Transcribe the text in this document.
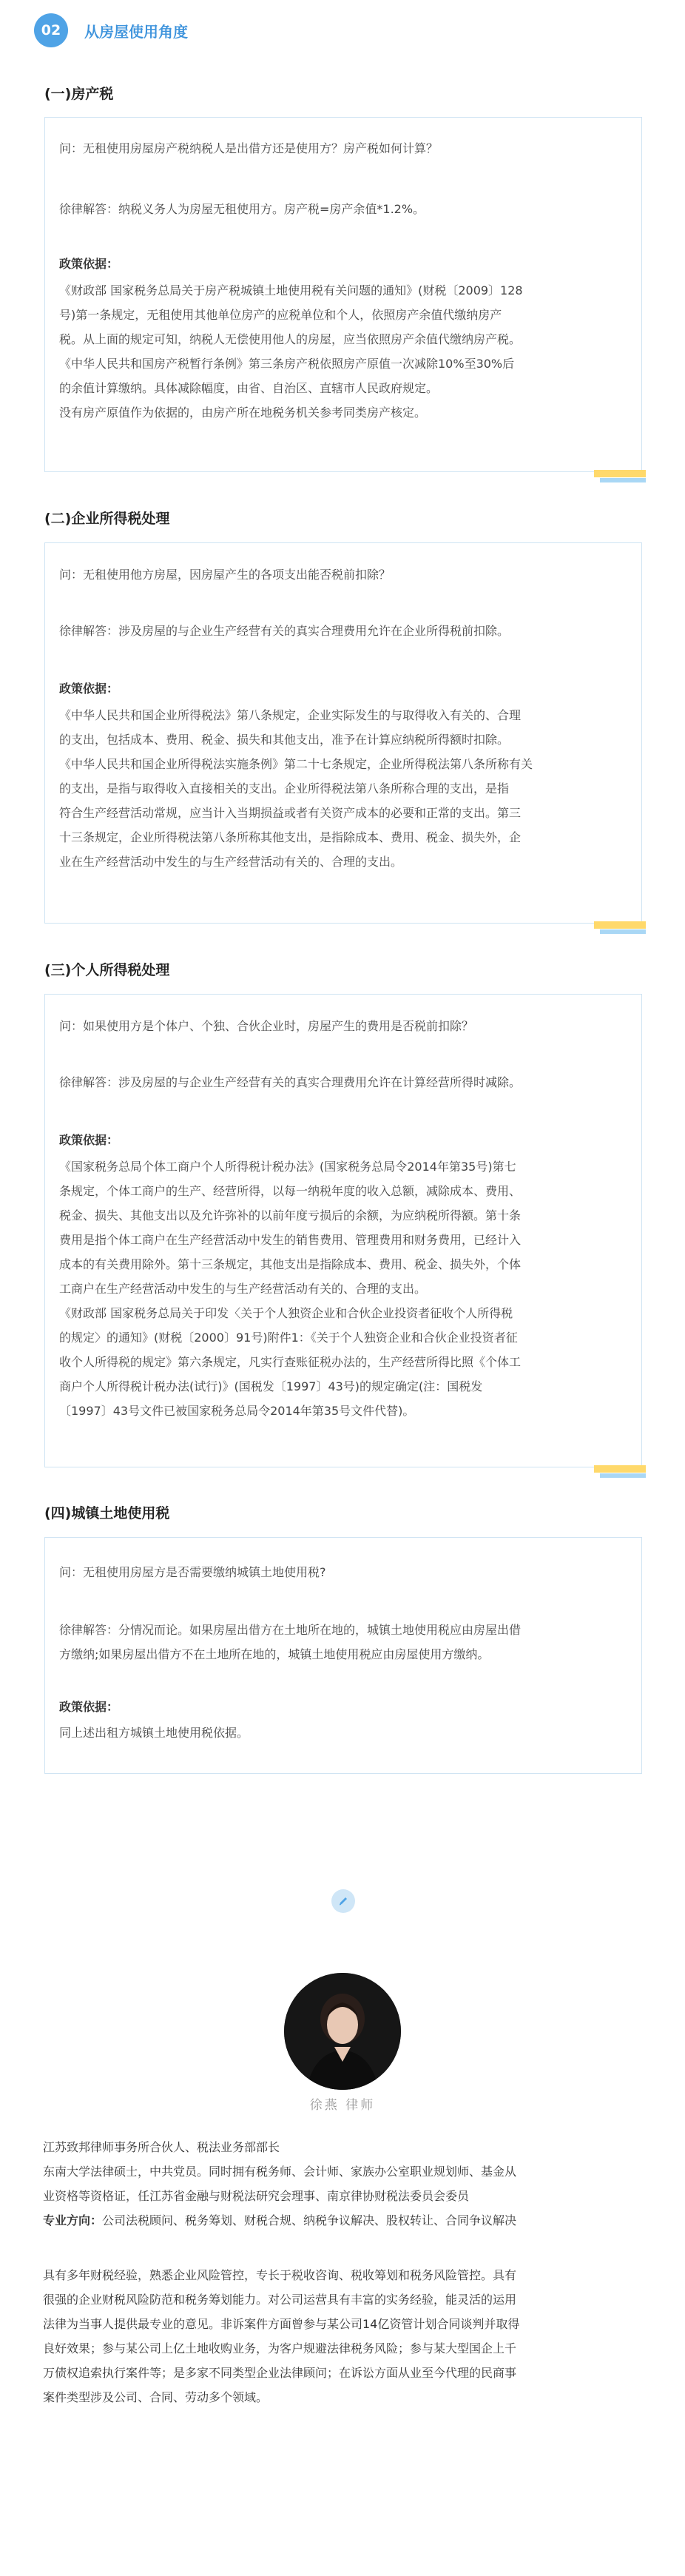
02	从房屋使用角度
(一)房产税
问：无租使用房屋房产税纳税人是出借方还是使用方？房产税如何计算？
徐律解答：纳税义务人为房屋无租使用方。房产税=房产余值*1.2%。
政策依据：
《财政部 国家税务总局关于房产税城镇土地使用税有关问题的通知》(财税〔2009〕128
号)第一条规定，无租使用其他单位房产的应税单位和个人，依照房产余值代缴纳房产
税。从上面的规定可知，纳税人无偿使用他人的房屋，应当依照房产余值代缴纳房产税。
《中华人民共和国房产税暂行条例》第三条房产税依照房产原值一次减除10%至30%后
的余值计算缴纳。具体减除幅度，由省、自治区、直辖市人民政府规定。
没有房产原值作为依据的，由房产所在地税务机关参考同类房产核定。
(二)企业所得税处理
问：无租使用他方房屋，因房屋产生的各项支出能否税前扣除？
徐律解答：涉及房屋的与企业生产经营有关的真实合理费用允许在企业所得税前扣除。
政策依据：
《中华人民共和国企业所得税法》第八条规定，企业实际发生的与取得收入有关的、合理
的支出，包括成本、费用、税金、损失和其他支出，准予在计算应纳税所得额时扣除。
《中华人民共和国企业所得税法实施条例》第二十七条规定，企业所得税法第八条所称有关
的支出，是指与取得收入直接相关的支出。企业所得税法第八条所称合理的支出，是指
符合生产经营活动常规，应当计入当期损益或者有关资产成本的必要和正常的支出。第三
十三条规定，企业所得税法第八条所称其他支出，是指除成本、费用、税金、损失外，企
业在生产经营活动中发生的与生产经营活动有关的、合理的支出。
(三)个人所得税处理
问：如果使用方是个体户、个独、合伙企业时，房屋产生的费用是否税前扣除？
徐律解答：涉及房屋的与企业生产经营有关的真实合理费用允许在计算经营所得时减除。
政策依据：
《国家税务总局个体工商户个人所得税计税办法》(国家税务总局令2014年第35号)第七
条规定，个体工商户的生产、经营所得，以每一纳税年度的收入总额，减除成本、费用、
税金、损失、其他支出以及允许弥补的以前年度亏损后的余额，为应纳税所得额。第十条
费用是指个体工商户在生产经营活动中发生的销售费用、管理费用和财务费用，已经计入
成本的有关费用除外。第十三条规定，其他支出是指除成本、费用、税金、损失外，个体
工商户在生产经营活动中发生的与生产经营活动有关的、合理的支出。
《财政部 国家税务总局关于印发〈关于个人独资企业和合伙企业投资者征收个人所得税
的规定〉的通知》(财税〔2000〕91号)附件1：《关于个人独资企业和合伙企业投资者征
收个人所得税的规定》第六条规定，凡实行查账征税办法的，生产经营所得比照《个体工
商户个人所得税计税办法(试行)》(国税发〔1997〕43号)的规定确定(注：国税发
〔1997〕43号文件已被国家税务总局令2014年第35号文件代替)。
(四)城镇土地使用税
问：无租使用房屋方是否需要缴纳城镇土地使用税?
徐律解答：分情况而论。如果房屋出借方在土地所在地的，城镇土地使用税应由房屋出借
方缴纳;如果房屋出借方不在土地所在地的，城镇土地使用税应由房屋使用方缴纳。
政策依据：
同上述出租方城镇土地使用税依据。
徐燕 律师
江苏致邦律师事务所合伙人、税法业务部部长
东南大学法律硕士，中共党员。同时拥有税务师、会计师、家族办公室职业规划师、基金从
业资格等资格证，任江苏省金融与财税法研究会理事、南京律协财税法委员会委员
专业方向：公司法税顾问、税务筹划、财税合规、纳税争议解决、股权转让、合同争议解决
具有多年财税经验，熟悉企业风险管控，专长于税收咨询、税收筹划和税务风险管控。具有
很强的企业财税风险防范和税务筹划能力。对公司运营具有丰富的实务经验，能灵活的运用
法律为当事人提供最专业的意见。非诉案件方面曾参与某公司14亿资管计划合同谈判并取得
良好效果；参与某公司上亿土地收购业务，为客户规避法律税务风险；参与某大型国企上千
万债权追索执行案件等；是多家不同类型企业法律顾问；在诉讼方面从业至今代理的民商事
案件类型涉及公司、合同、劳动多个领域。
